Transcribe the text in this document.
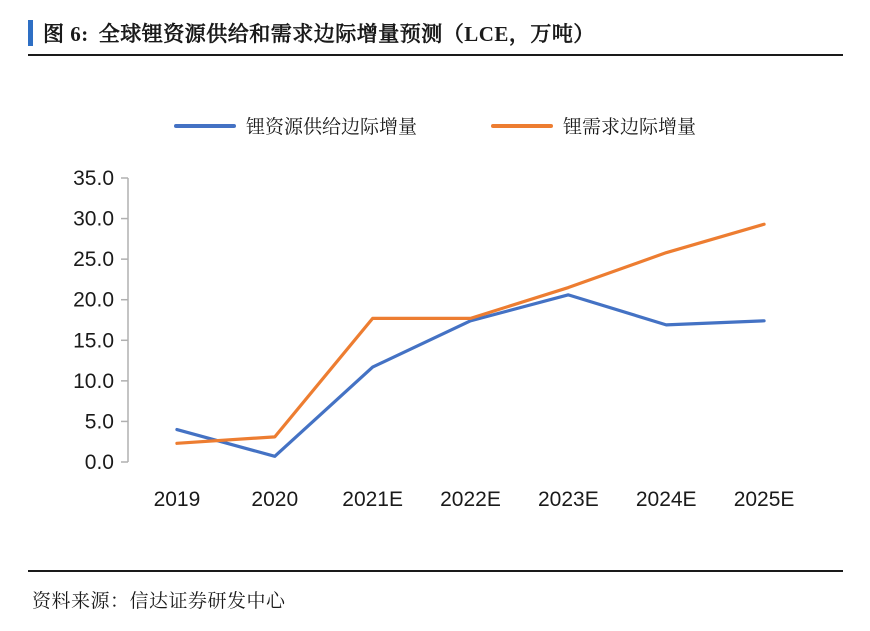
图 6: 全球锂资源供给和需求边际增量预测（LCE，万吨）
锂资源供给边际增量	锂需求边际增量
0.0
5.0
10.0
15.0
20.0
25.0
30.0
35.0
2019 2020 2021E 2022E 2023E 2024E 2025E
资料来源：信达证券研发中心
